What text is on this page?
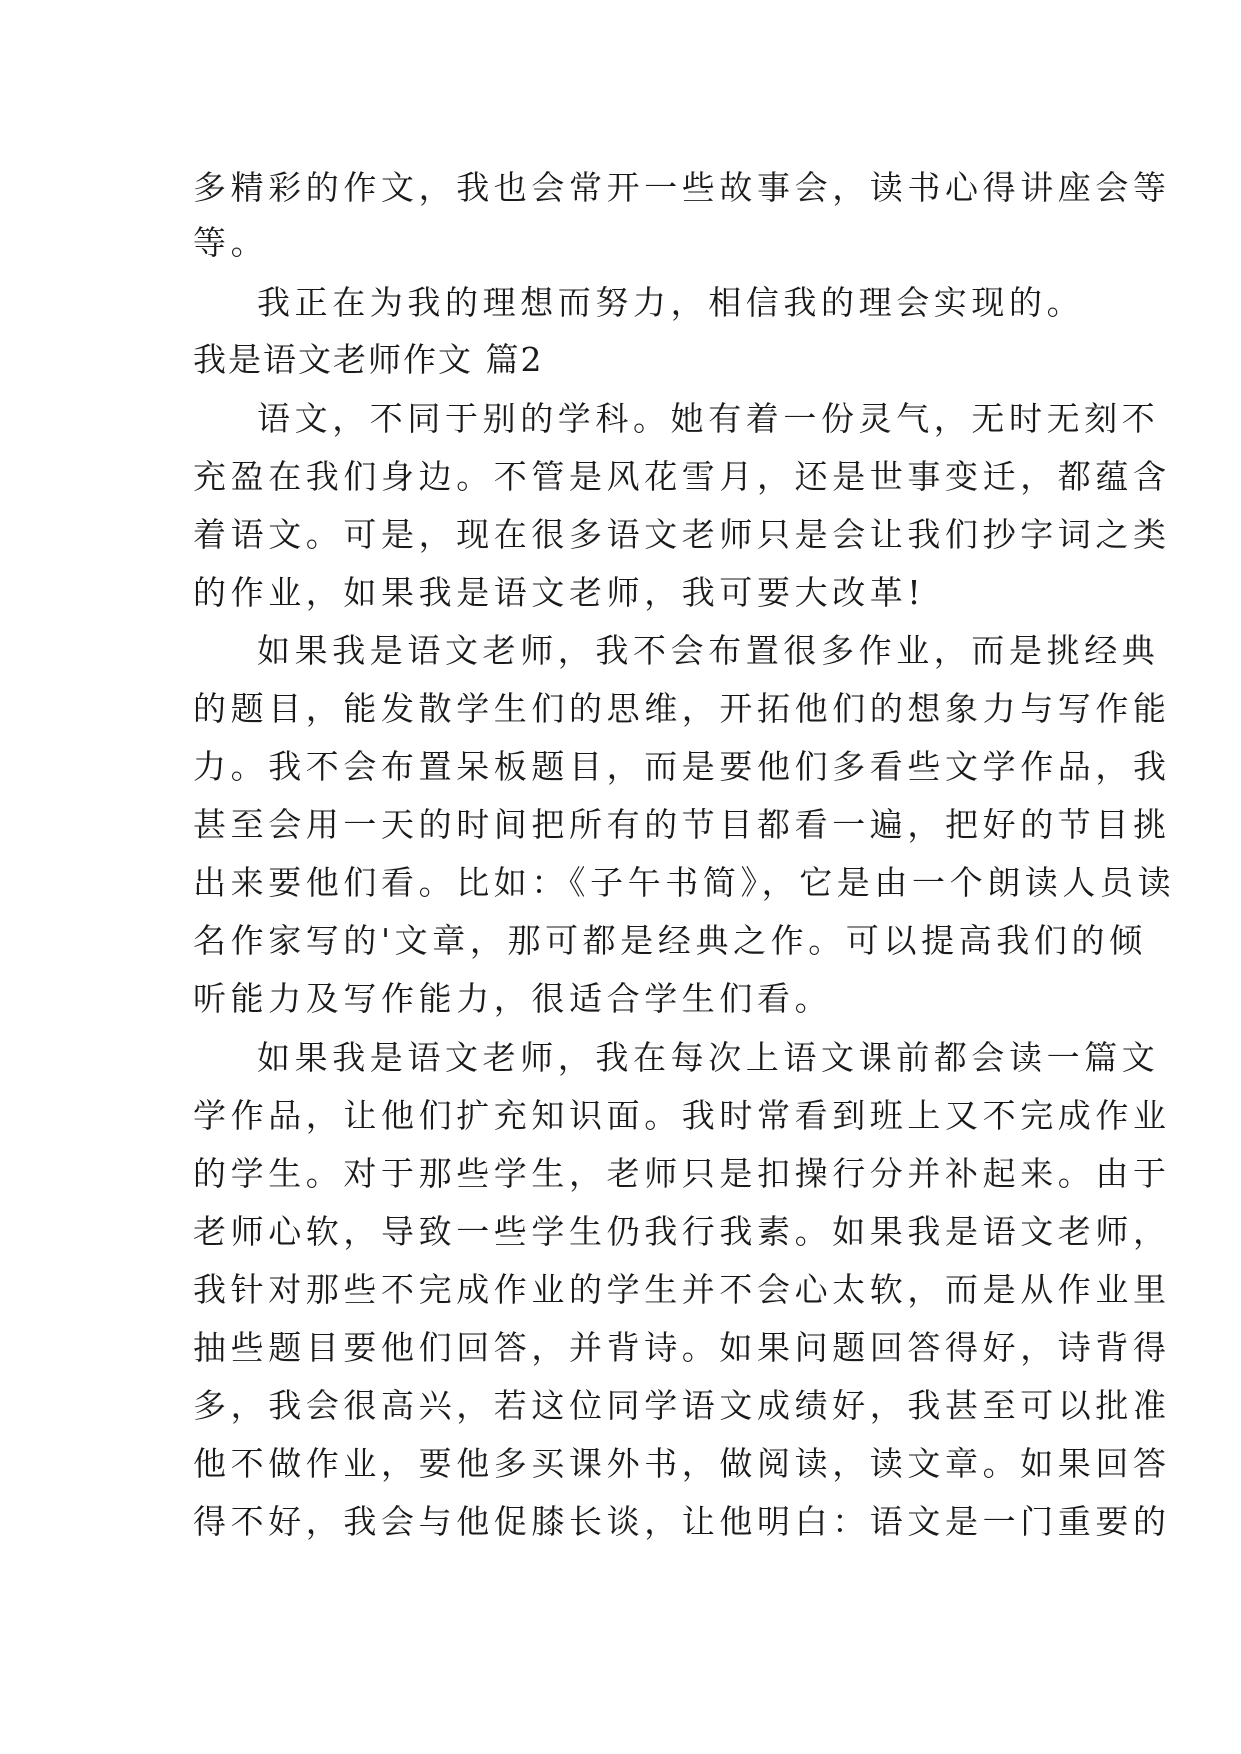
多精彩的作文，我也会常开一些故事会，读书心得讲座会等
等。
我正在为我的理想而努力，相信我的理会实现的。
我是语文老师作文 篇2
语文，不同于别的学科。她有着一份灵气，无时无刻不
充盈在我们身边。不管是风花雪月，还是世事变迁，都蕴含
着语文。可是，现在很多语文老师只是会让我们抄字词之类
的作业，如果我是语文老师，我可要大改革!
如果我是语文老师，我不会布置很多作业，而是挑经典
的题目，能发散学生们的思维，开拓他们的想象力与写作能
力。我不会布置呆板题目，而是要他们多看些文学作品，我
甚至会用一天的时间把所有的节目都看一遍，把好的节目挑
出来要他们看。比如：《子午书简》，它是由一个朗读人员读
名作家写的'文章，那可都是经典之作。可以提高我们的倾
听能力及写作能力，很适合学生们看。
如果我是语文老师，我在每次上语文课前都会读一篇文
学作品，让他们扩充知识面。我时常看到班上又不完成作业
的学生。对于那些学生，老师只是扣操行分并补起来。由于
老师心软，导致一些学生仍我行我素。如果我是语文老师，
我针对那些不完成作业的学生并不会心太软，而是从作业里
抽些题目要他们回答，并背诗。如果问题回答得好，诗背得
多，我会很高兴，若这位同学语文成绩好，我甚至可以批准
他不做作业，要他多买课外书，做阅读，读文章。如果回答
得不好，我会与他促膝长谈，让他明白：语文是一门重要的
